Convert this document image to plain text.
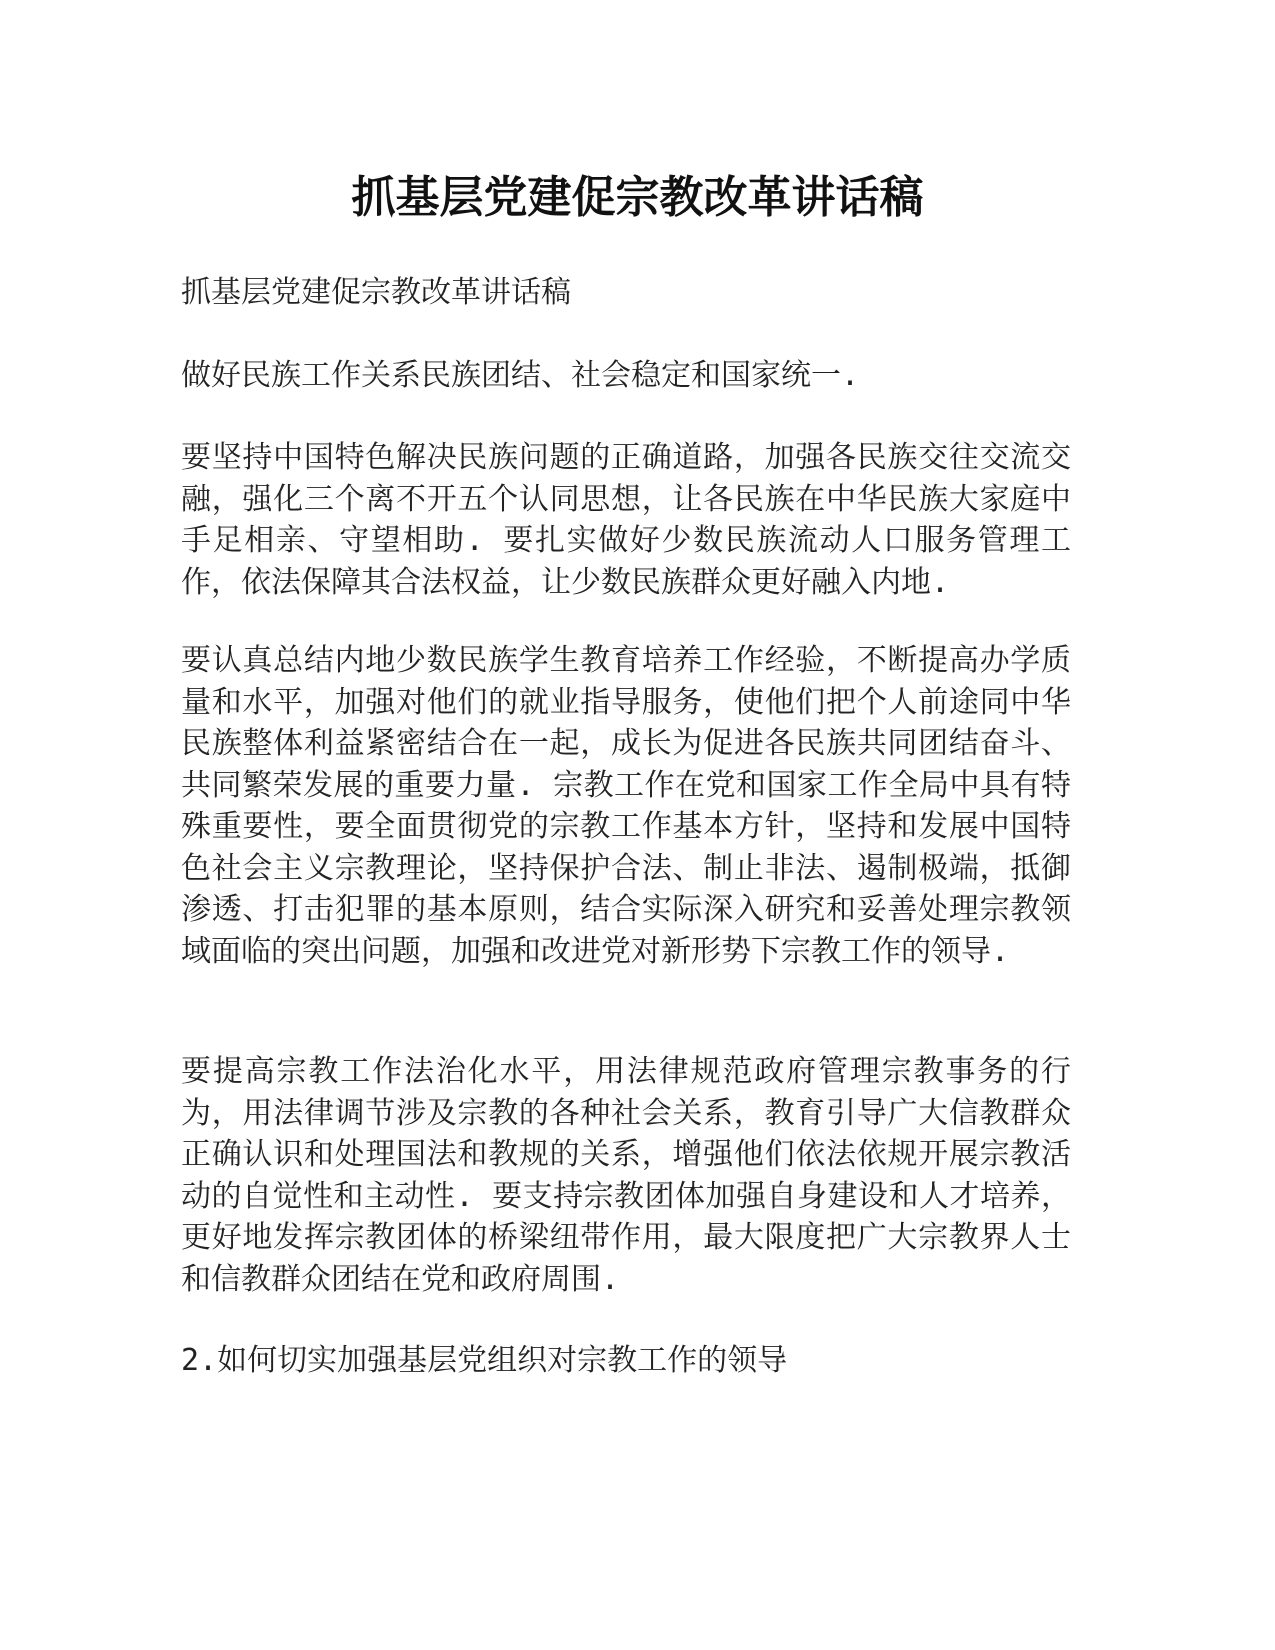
抓基层党建促宗教改革讲话稿

抓基层党建促宗教改革讲话稿

做好民族工作关系民族团结、社会稳定和国家统一.

要坚持中国特色解决民族问题的正确道路，加强各民族交往交流交融，强化三个离不开五个认同思想，让各民族在中华民族大家庭中手足相亲、守望相助. 要扎实做好少数民族流动人口服务管理工作，依法保障其合法权益，让少数民族群众更好融入内地.

要认真总结内地少数民族学生教育培养工作经验，不断提高办学质量和水平，加强对他们的就业指导服务，使他们把个人前途同中华民族整体利益紧密结合在一起，成长为促进各民族共同团结奋斗、共同繁荣发展的重要力量. 宗教工作在党和国家工作全局中具有特殊重要性，要全面贯彻党的宗教工作基本方针，坚持和发展中国特色社会主义宗教理论，坚持保护合法、制止非法、遏制极端，抵御渗透、打击犯罪的基本原则，结合实际深入研究和妥善处理宗教领域面临的突出问题，加强和改进党对新形势下宗教工作的领导.

要提高宗教工作法治化水平，用法律规范政府管理宗教事务的行为，用法律调节涉及宗教的各种社会关系，教育引导广大信教群众正确认识和处理国法和教规的关系，增强他们依法依规开展宗教活动的自觉性和主动性. 要支持宗教团体加强自身建设和人才培养，更好地发挥宗教团体的桥梁纽带作用，最大限度把广大宗教界人士和信教群众团结在党和政府周围.

2.如何切实加强基层党组织对宗教工作的领导
